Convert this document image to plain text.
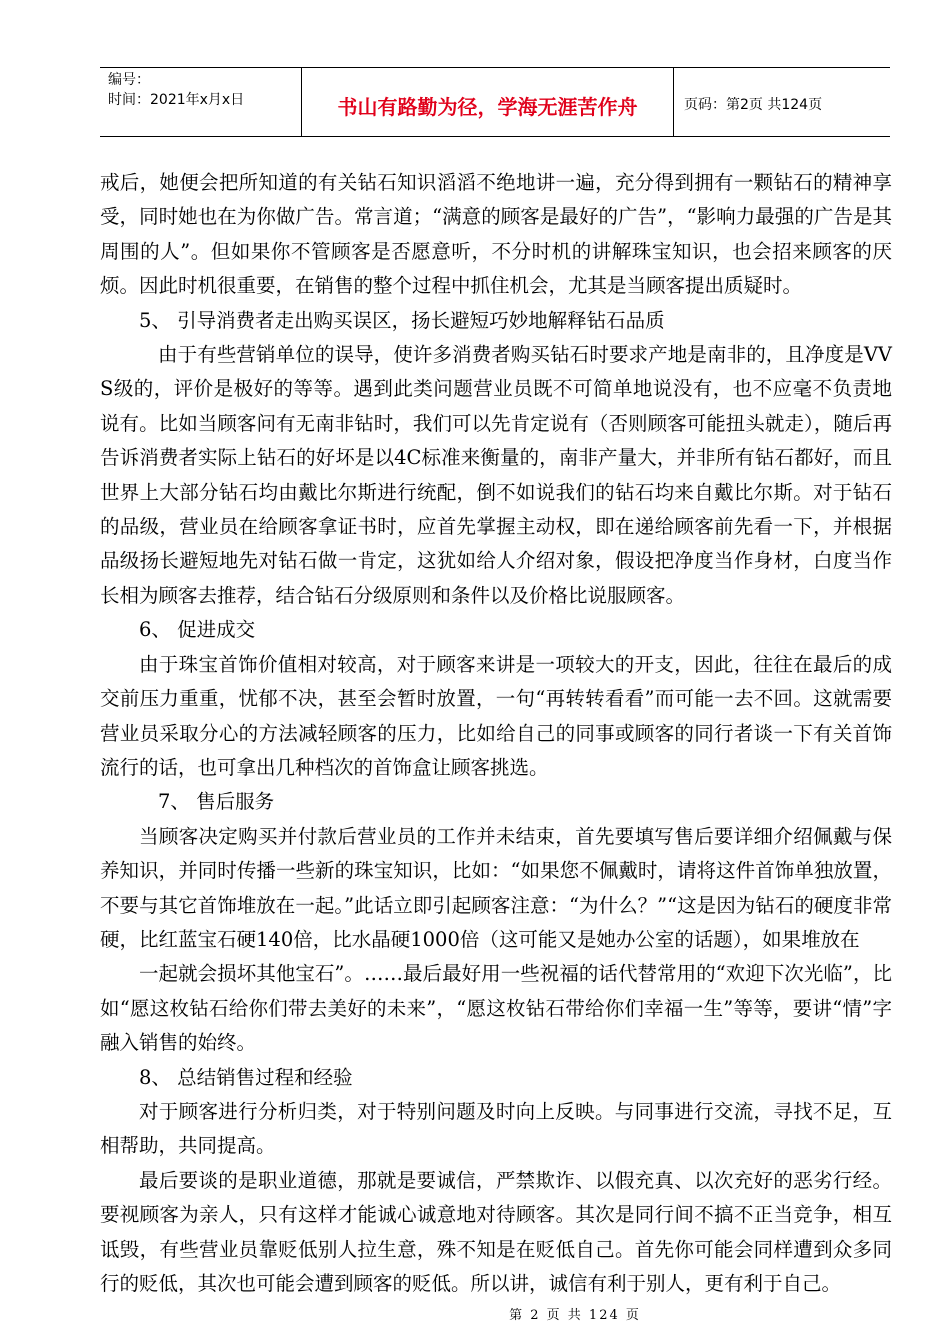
编号：
时间：2021年x月x日	书山有路勤为径，学海无涯苦作舟	页码：第2页 共124页

戒后，她便会把所知道的有关钻石知识滔滔不绝地讲一遍，充分得到拥有一颗钻石的精神享受，同时她也在为你做广告。常言道；“满意的顾客是最好的广告”，“影响力最强的广告是其周围的人”。但如果你不管顾客是否愿意听，不分时机的讲解珠宝知识，也会招来顾客的厌烦。因此时机很重要，在销售的整个过程中抓住机会，尤其是当顾客提出质疑时。

5、 引导消费者走出购买误区，扬长避短巧妙地解释钻石品质

由于有些营销单位的误导，使许多消费者购买钻石时要求产地是南非的，且净度是VVS级的，评价是极好的等等。遇到此类问题营业员既不可简单地说没有，也不应毫不负责地说有。比如当顾客问有无南非钻时，我们可以先肯定说有（否则顾客可能扭头就走），随后再告诉消费者实际上钻石的好坏是以4C标准来衡量的，南非产量大，并非所有钻石都好，而且世界上大部分钻石均由戴比尔斯进行统配，倒不如说我们的钻石均来自戴比尔斯。对于钻石的品级，营业员在给顾客拿证书时，应首先掌握主动权，即在递给顾客前先看一下，并根据品级扬长避短地先对钻石做一肯定，这犹如给人介绍对象，假设把净度当作身材，白度当作长相为顾客去推荐，结合钻石分级原则和条件以及价格比说服顾客。

6、 促进成交

由于珠宝首饰价值相对较高，对于顾客来讲是一项较大的开支，因此，往往在最后的成交前压力重重，忧郁不决，甚至会暂时放置，一句“再转转看看”而可能一去不回。这就需要营业员采取分心的方法减轻顾客的压力，比如给自己的同事或顾客的同行者谈一下有关首饰流行的话，也可拿出几种档次的首饰盒让顾客挑选。

7、 售后服务

当顾客决定购买并付款后营业员的工作并未结束，首先要填写售后要详细介绍佩戴与保养知识，并同时传播一些新的珠宝知识，比如：“如果您不佩戴时，请将这件首饰单独放置，不要与其它首饰堆放在一起。”此话立即引起顾客注意：“为什么？”“这是因为钻石的硬度非常硬，比红蓝宝石硬140倍，比水晶硬1000倍（这可能又是她办公室的话题），如果堆放在

一起就会损坏其他宝石”。……最后最好用一些祝福的话代替常用的“欢迎下次光临”，比如“愿这枚钻石给你们带去美好的未来”，“愿这枚钻石带给你们幸福一生”等等，要讲“情”字融入销售的始终。

8、 总结销售过程和经验

对于顾客进行分析归类，对于特别问题及时向上反映。与同事进行交流，寻找不足，互相帮助，共同提高。

最后要谈的是职业道德，那就是要诚信，严禁欺诈、以假充真、以次充好的恶劣行经。要视顾客为亲人，只有这样才能诚心诚意地对待顾客。其次是同行间不搞不正当竞争，相互诋毁，有些营业员靠贬低别人拉生意，殊不知是在贬低自己。首先你可能会同样遭到众多同行的贬低，其次也可能会遭到顾客的贬低。所以讲，诚信有利于别人，更有利于自己。

第 2 页 共 124 页
